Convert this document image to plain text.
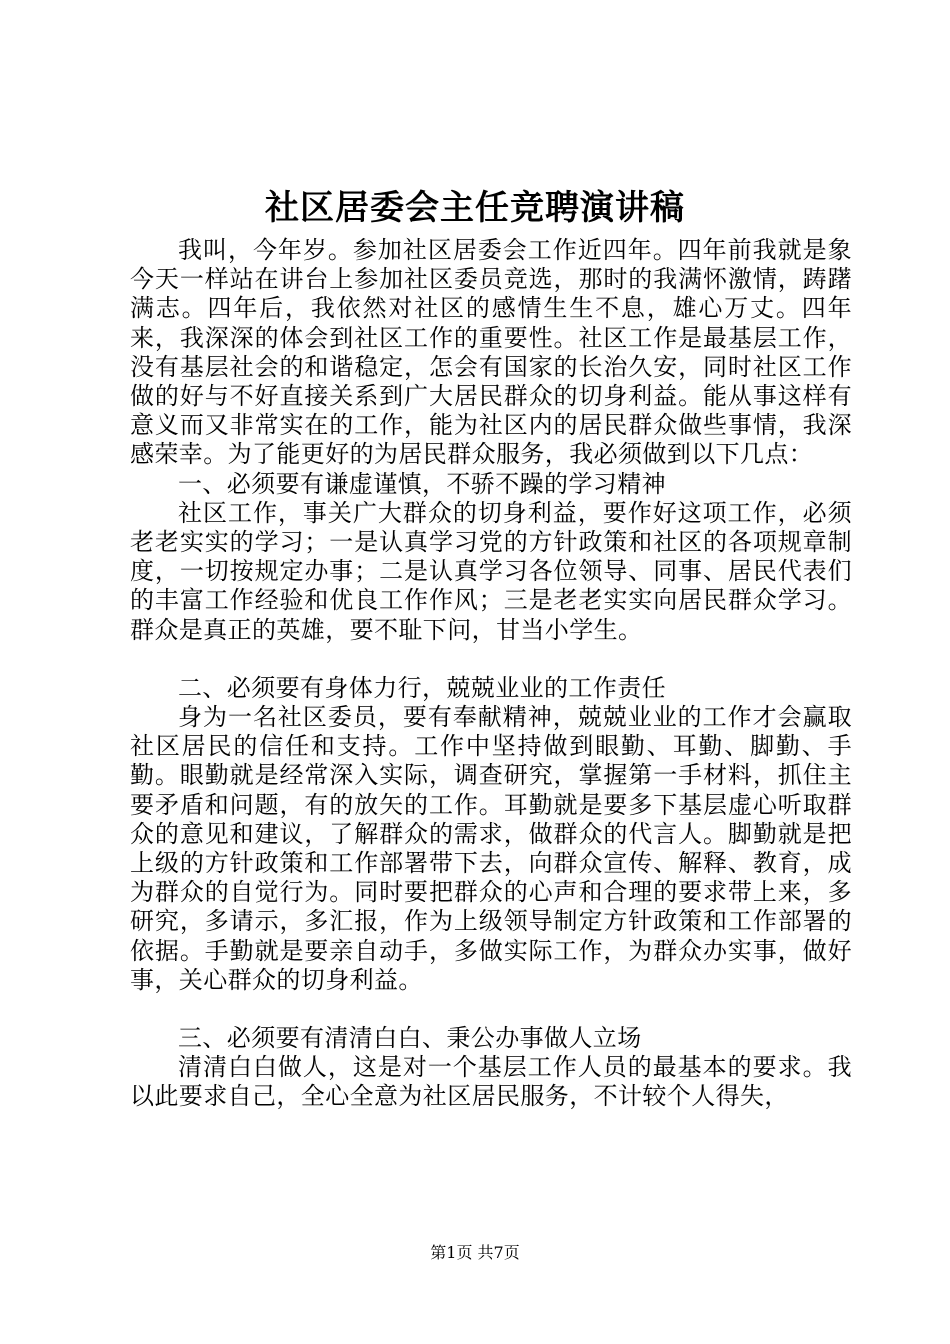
社区居委会主任竞聘演讲稿

我叫，今年岁。参加社区居委会工作近四年。四年前我就是象今天一样站在讲台上参加社区委员竞选，那时的我满怀激情，踌躇满志。四年后，我依然对社区的感情生生不息，雄心万丈。四年来，我深深的体会到社区工作的重要性。社区工作是最基层工作，没有基层社会的和谐稳定，怎会有国家的长治久安，同时社区工作做的好与不好直接关系到广大居民群众的切身利益。能从事这样有意义而又非常实在的工作，能为社区内的居民群众做些事情，我深感荣幸。为了能更好的为居民群众服务，我必须做到以下几点：

一、必须要有谦虚谨慎，不骄不躁的学习精神

社区工作，事关广大群众的切身利益，要作好这项工作，必须老老实实的学习；一是认真学习党的方针政策和社区的各项规章制度，一切按规定办事；二是认真学习各位领导、同事、居民代表们的丰富工作经验和优良工作作风；三是老老实实向居民群众学习。群众是真正的英雄，要不耻下问，甘当小学生。

二、必须要有身体力行，兢兢业业的工作责任

身为一名社区委员，要有奉献精神，兢兢业业的工作才会赢取社区居民的信任和支持。工作中坚持做到眼勤、耳勤、脚勤、手勤。眼勤就是经常深入实际，调查研究，掌握第一手材料，抓住主要矛盾和问题，有的放矢的工作。耳勤就是要多下基层虚心听取群众的意见和建议，了解群众的需求，做群众的代言人。脚勤就是把上级的方针政策和工作部署带下去，向群众宣传、解释、教育，成为群众的自觉行为。同时要把群众的心声和合理的要求带上来，多研究，多请示，多汇报，作为上级领导制定方针政策和工作部署的依据。手勤就是要亲自动手，多做实际工作，为群众办实事，做好事，关心群众的切身利益。

三、必须要有清清白白、秉公办事做人立场

清清白白做人，这是对一个基层工作人员的最基本的要求。我以此要求自己，全心全意为社区居民服务，不计较个人得失，

第1页 共7页
